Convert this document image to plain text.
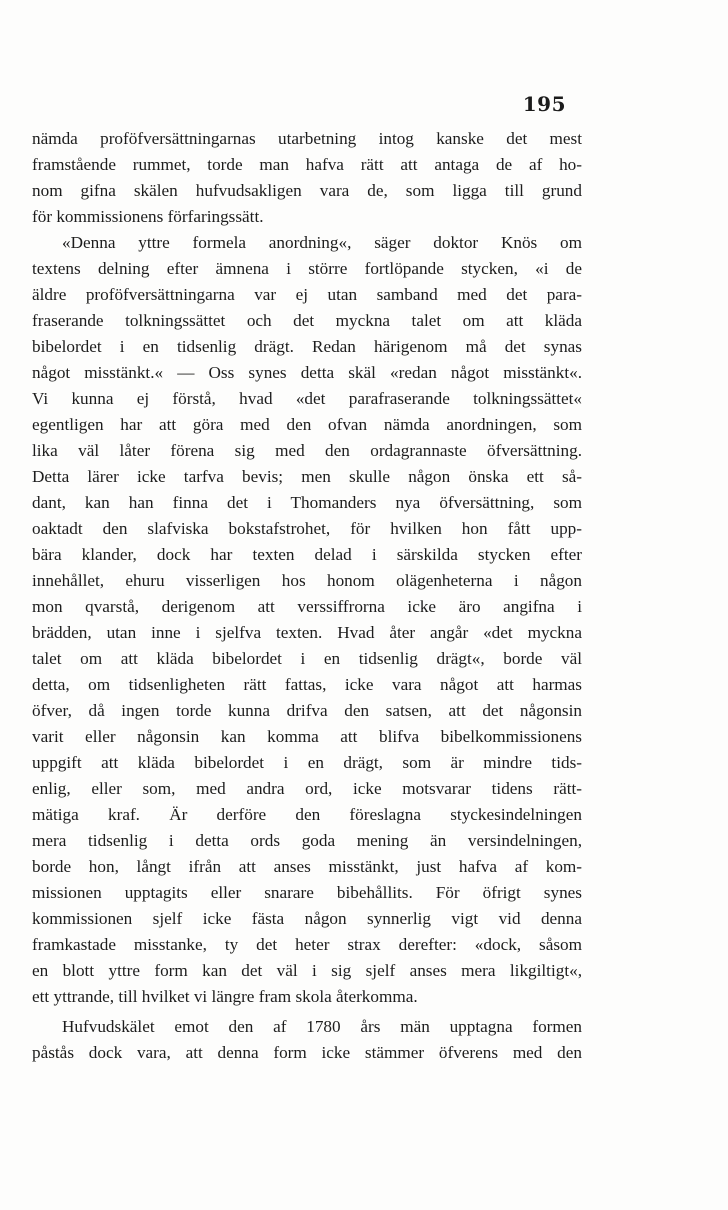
195
nämda proföfversättningarnas utarbetning intog kanske det mest
framstående rummet, torde man hafva rätt att antaga de af ho-
nom gifna skälen hufvudsakligen vara de, som ligga till grund
för kommissionens förfaringssätt.
«Denna yttre formela anordning«, säger doktor Knös om
textens delning efter ämnena i större fortlöpande stycken, «i de
äldre proföfversättningarna var ej utan samband med det para-
fraserande tolkningssättet och det myckna talet om att kläda
bibelordet i en tidsenlig drägt. Redan härigenom må det synas
något misstänkt.« — Oss synes detta skäl «redan något misstänkt«.
Vi kunna ej förstå, hvad «det parafraserande tolkningssättet«
egentligen har att göra med den ofvan nämda anordningen, som
lika väl låter förena sig med den ordagrannaste öfversättning.
Detta lärer icke tarfva bevis; men skulle någon önska ett så-
dant, kan han finna det i Thomanders nya öfversättning, som
oaktadt den slafviska bokstafstrohet, för hvilken hon fått upp-
bära klander, dock har texten delad i särskilda stycken efter
innehållet, ehuru visserligen hos honom olägenheterna i någon
mon qvarstå, derigenom att verssiffrorna icke äro angifna i
brädden, utan inne i sjelfva texten. Hvad åter angår «det myckna
talet om att kläda bibelordet i en tidsenlig drägt«, borde väl
detta, om tidsenligheten rätt fattas, icke vara något att harmas
öfver, då ingen torde kunna drifva den satsen, att det någonsin
varit eller någonsin kan komma att blifva bibelkommissionens
uppgift att kläda bibelordet i en drägt, som är mindre tids-
enlig, eller som, med andra ord, icke motsvarar tidens rätt-
mätiga kraf. Är derföre den föreslagna styckesindelningen
mera tidsenlig i detta ords goda mening än versindelningen,
borde hon, långt ifrån att anses misstänkt, just hafva af kom-
missionen upptagits eller snarare bibehållits. För öfrigt synes
kommissionen sjelf icke fästa någon synnerlig vigt vid denna
framkastade misstanke, ty det heter strax derefter: «dock, såsom
en blott yttre form kan det väl i sig sjelf anses mera likgiltigt«,
ett yttrande, till hvilket vi längre fram skola återkomma.
Hufvudskälet emot den af 1780 års män upptagna formen
påstås dock vara, att denna form icke stämmer öfverens med den
